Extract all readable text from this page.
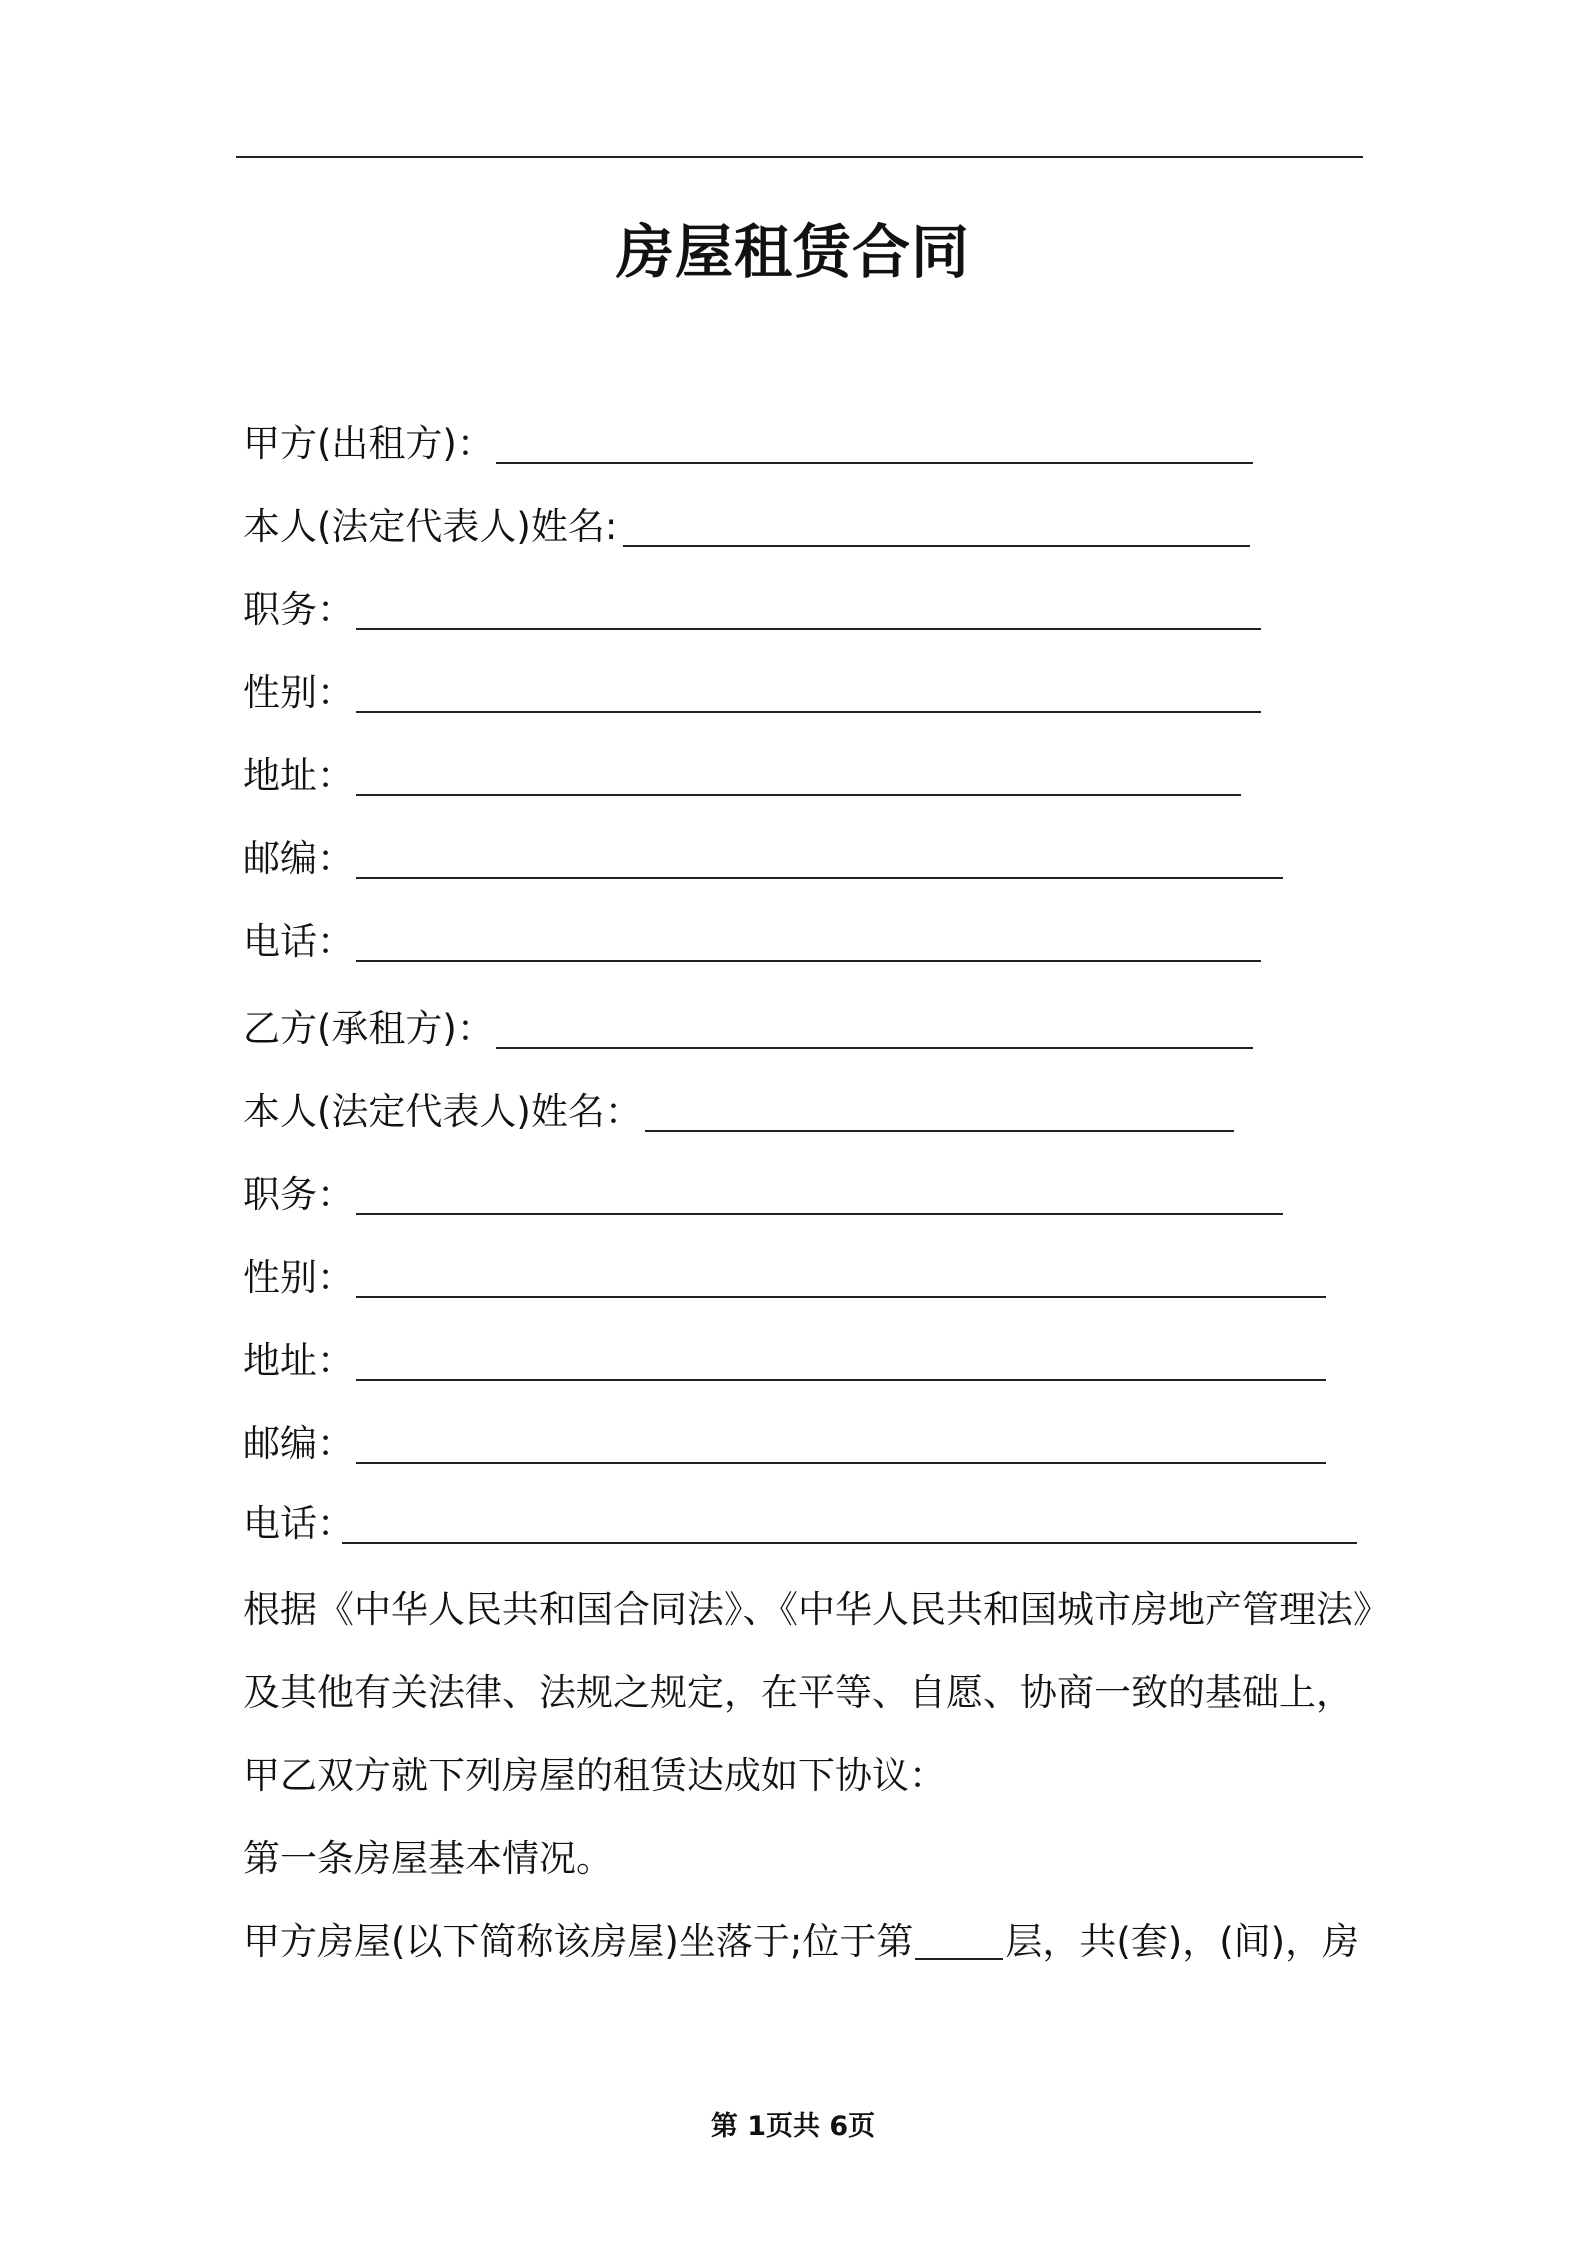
房屋租赁合同
甲方(出租方)：
本人(法定代表人)姓名:
职务：
性别：
地址：
邮编：
电话：
乙方(承租方)：
本人(法定代表人)姓名：
职务：
性别：
地址：
邮编：
电话：
根据《中华人民共和国合同法》、《中华人民共和国城市房地产管理法》
及其他有关法律、法规之规定，在平等、自愿、协商一致的基础上，
甲乙双方就下列房屋的租赁达成如下协议：
第一条房屋基本情况。
甲方房屋(以下简称该房屋)坐落于;位于第 层，共(套)，(间)，房
第 1页共 6页
